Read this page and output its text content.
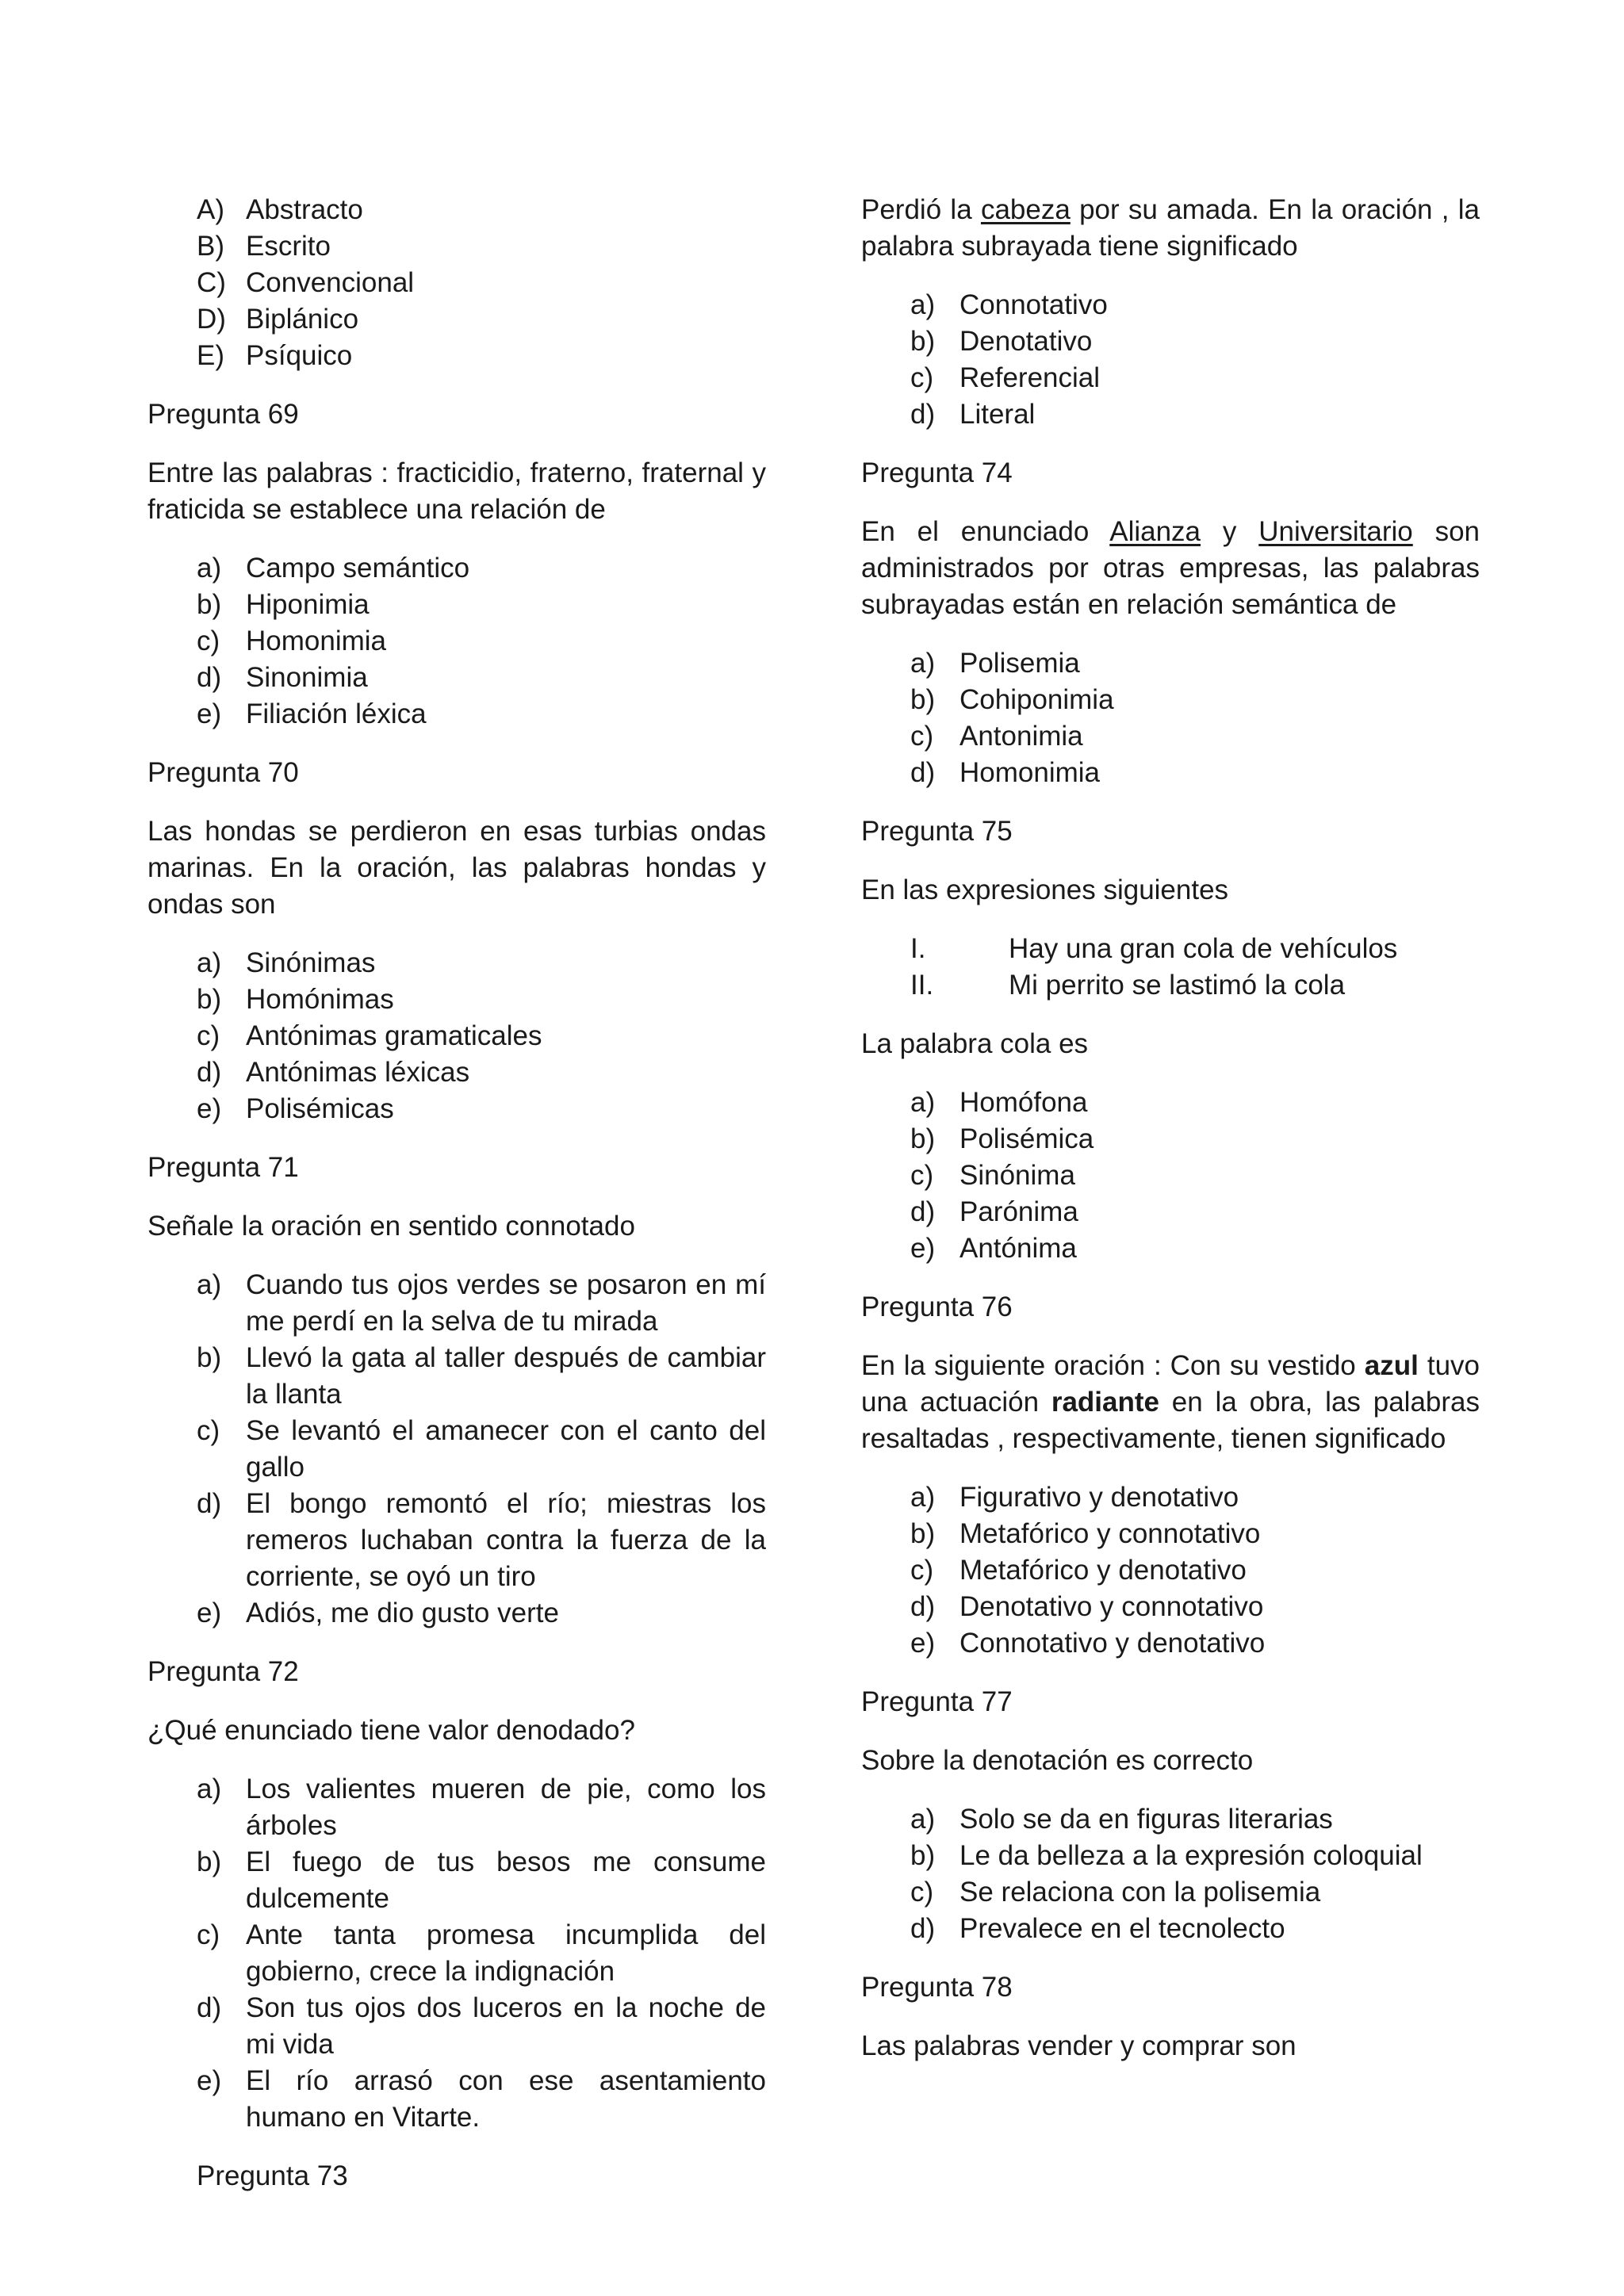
A) Abstracto
B) Escrito
C) Convencional
D) Biplánico
E) Psíquico
Pregunta 69
Entre las palabras : fracticidio, fraterno, fraternal y fraticida se establece una relación de
a) Campo semántico
b) Hiponimia
c) Homonimia
d) Sinonimia
e) Filiación léxica
Pregunta 70
Las hondas se perdieron en esas turbias ondas marinas. En la oración, las palabras hondas y ondas son
a) Sinónimas
b) Homónimas
c) Antónimas gramaticales
d) Antónimas léxicas
e) Polisémicas
Pregunta 71
Señale la oración en sentido connotado
a) Cuando tus ojos verdes se posaron en mí me perdí en la selva de tu mirada
b) Llevó la gata al taller después de cambiar la llanta
c) Se levantó el amanecer con el canto del gallo
d) El bongo remontó el río; miestras los remeros luchaban contra la fuerza de la corriente, se oyó un tiro
e) Adiós, me dio gusto verte
Pregunta 72
¿Qué enunciado tiene valor denodado?
a) Los valientes mueren de pie, como los árboles
b) El fuego de tus besos me consume dulcemente
c) Ante tanta promesa incumplida del gobierno, crece la indignación
d) Son tus ojos dos luceros en la noche de mi vida
e) El río arrasó con ese asentamiento humano en Vitarte.
Pregunta 73
Perdió la cabeza por su amada. En la oración , la palabra subrayada tiene significado
a) Connotativo
b) Denotativo
c) Referencial
d) Literal
Pregunta 74
En el enunciado Alianza y Universitario son administrados por otras empresas, las palabras subrayadas están en relación semántica de
a) Polisemia
b) Cohiponimia
c) Antonimia
d) Homonimia
Pregunta 75
En las expresiones siguientes
I.	Hay una gran cola de vehículos
II.	Mi perrito se lastimó la cola
La palabra cola es
a) Homófona
b) Polisémica
c) Sinónima
d) Parónima
e) Antónima
Pregunta 76
En la siguiente oración : Con su vestido azul tuvo una actuación radiante en la obra, las palabras resaltadas , respectivamente, tienen significado
a) Figurativo y denotativo
b) Metafórico y connotativo
c) Metafórico y denotativo
d) Denotativo y connotativo
e) Connotativo y denotativo
Pregunta 77
Sobre la denotación es correcto
a) Solo se da en figuras literarias
b) Le da belleza a la expresión coloquial
c) Se relaciona con la polisemia
d) Prevalece en el tecnolecto
Pregunta 78
Las palabras vender y comprar son
